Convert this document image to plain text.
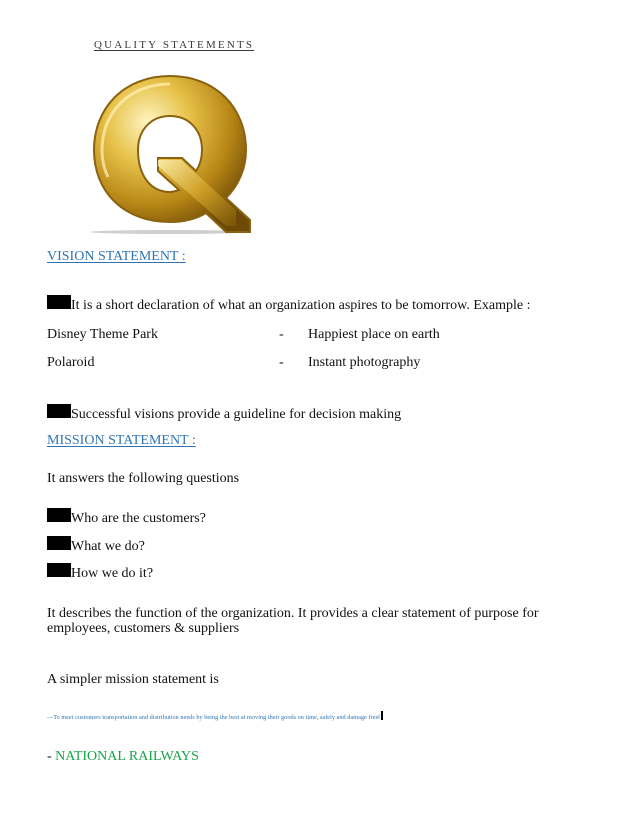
QUALITY STATEMENTS
VISION STATEMENT :
It is a short declaration of what an organization aspires to be tomorrow. Example :
Disney Theme Park	- Happiest place on earth
Polaroid	- Instant photography
Successful visions provide a guideline for decision making
MISSION STATEMENT :
It answers the following questions
Who are the customers?
What we do?
How we do it?
It describes the function of the organization. It provides a clear statement of purpose for employees, customers & suppliers
A simpler mission statement is
―To meet customers transportation and distribution needs by being the best at moving their goods on time, safely and damage free‖
- NATIONAL RAILWAYS
